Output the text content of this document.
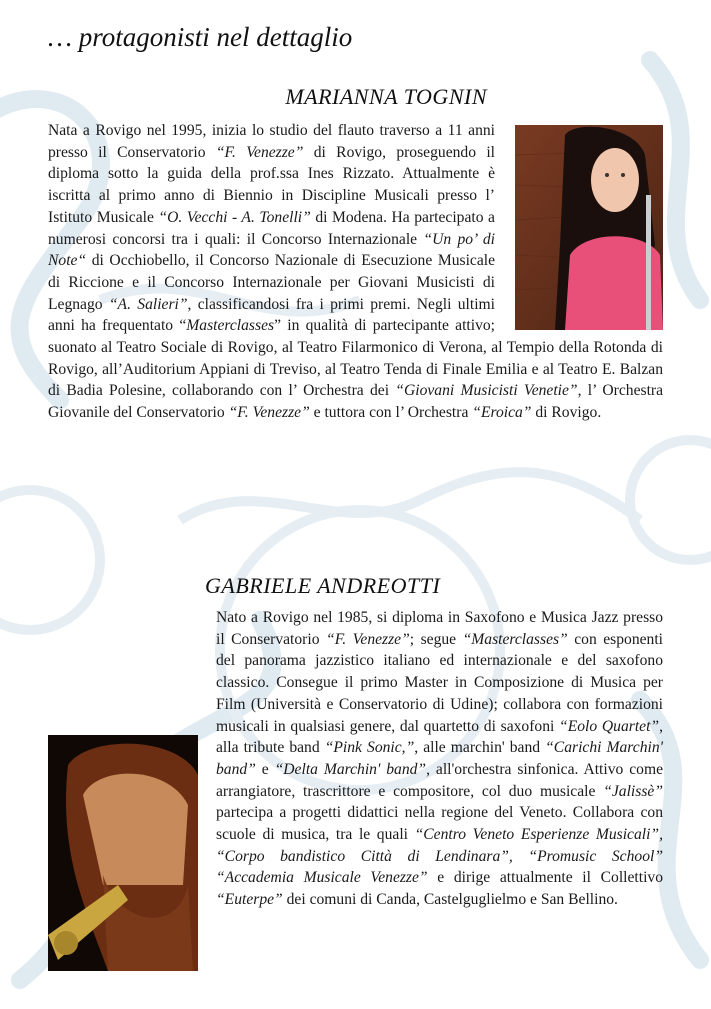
… protagonisti nel dettaglio
MARIANNA TOGNIN
Nata a Rovigo nel 1995, inizia lo studio del flauto traverso a 11 anni presso il Conservatorio “F. Venezze” di Rovigo, proseguendo il diploma sotto la guida della prof.ssa Ines Rizzato. Attualmente è iscritta al primo anno di Biennio in Discipline Musicali presso l’ Istituto Musicale “O. Vecchi - A. Tonelli” di Modena. Ha partecipato a numerosi concorsi tra i quali: il Concorso Internazionale “Un po’ di Note“ di Occhiobello, il Concorso Nazionale di Esecuzione Musicale di Riccione e il Concorso Internazionale per Giovani Musicisti di Legnago “A. Salieri”, classificandosi fra i primi premi. Negli ultimi anni ha frequentato “Masterclasses” in qualità di partecipante attivo; suonato al Teatro Sociale di Rovigo, al Teatro Filarmonico di Verona, al Tempio della Rotonda di Rovigo, all’Auditorium Appiani di Treviso, al Teatro Tenda di Finale Emilia e al Teatro E. Balzan di Badia Polesine, collaborando con l’ Orchestra dei “Giovani Musicisti Venetie”, l’ Orchestra Giovanile del Conservatorio “F. Venezze” e tuttora con l’ Orchestra “Eroica” di Rovigo.
GABRIELE ANDREOTTI
Nato a Rovigo nel 1985, si diploma in Saxofono e Musica Jazz presso il Conservatorio “F. Venezze”; segue “Masterclasses” con esponenti del panorama jazzistico italiano ed internazionale e del saxofono classico. Consegue il primo Master in Composizione di Musica per Film (Università e Conservatorio di Udine); collabora con formazioni musicali in qualsiasi genere, dal quartetto di saxofoni “Eolo Quartet”, alla tribute band “Pink Sonic,”, alle marchin' band “Carichi Marchin' band” e “Delta Marchin' band”, all'orchestra sinfonica. Attivo come arrangiatore, trascrittore e compositore, col duo musicale “Jalissè” partecipa a progetti didattici nella regione del Veneto. Collabora con scuole di musica, tra le quali “Centro Veneto Esperienze Musicali”, “Corpo bandistico Città di Lendinara”, “Promusic School” “Accademia Musicale Venezze” e dirige attualmente il Collettivo “Euterpe” dei comuni di Canda, Castelguglielmo e San Bellino.
